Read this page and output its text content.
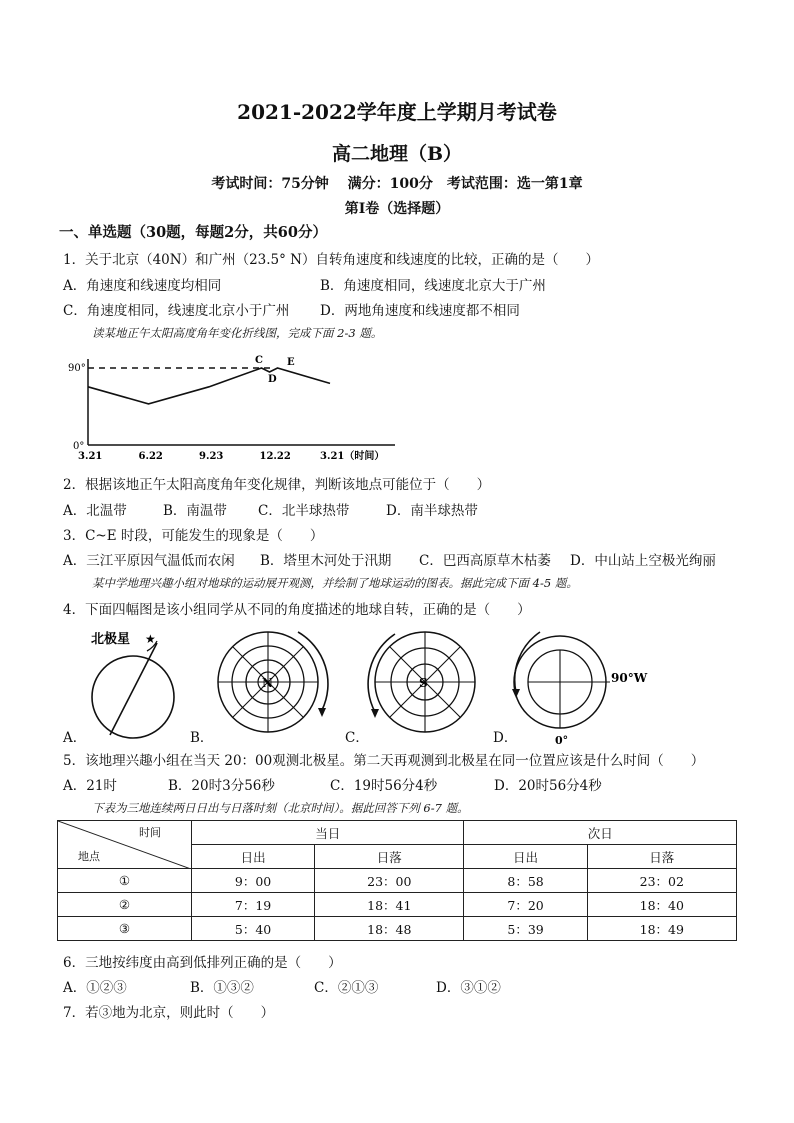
2021-2022学年度上学期月考试卷
高二地理（B）
考试时间：75分钟　 满分：100分　考试范围：选一第1章
第I卷（选择题）
一、单选题（30题，每题2分，共60分）
1．关于北京（40N）和广州（23.5° N）自转角速度和线速度的比较，正确的是（　　）
A．角速度和线速度均相同	B．角速度相同，线速度北京大于广州
C．角速度相同，线速度北京小于广州 D．两地角速度和线速度都不相同
读某地正午太阳高度角年变化折线图，完成下面 2-3 题。
90°
0°
3.21	6.22	9.23	12.22	3.21（时间）
C
D
E
2．根据该地正午太阳高度角年变化规律，判断该地点可能位于（　　）
A．北温带	B．南温带 C．北半球热带	D．南半球热带
3．C~E 时段，可能发生的现象是（　　）
A．三江平原因气温低而农闲 B．塔里木河处于汛期 C．巴西高原草木枯萎 D．中山站上空极光绚丽
某中学地理兴趣小组对地球的运动展开观测，并绘制了地球运动的图表。据此完成下面 4-5 题。
4．下面四幅图是该小组同学从不同的角度描述的地球自转，正确的是（　　）
北极星 ★
A．
N
B．
S
C．
90°W
0°
D．
5．该地理兴趣小组在当天 20：00观测北极星。第二天再观测到北极星在同一位置应该是什么时间（　　）
A．21时	B．20时3分56秒	C．19时56分4秒	D．20时56分4秒
下表为三地连续两日日出与日落时刻（北京时间）。据此回答下列 6-7 题。
时间
地点	当日		次日	
	日出	日落	日出	日落
①	9：00	23：00	8：58	23：02
②	7：19	18：41	7：20	18：40
③	5：40	18：48	5：39	18：49
6．三地按纬度由高到低排列正确的是（　　）
A．①②③	B．①③②	C．②①③	D．③①②
7．若③地为北京，则此时（　　）
